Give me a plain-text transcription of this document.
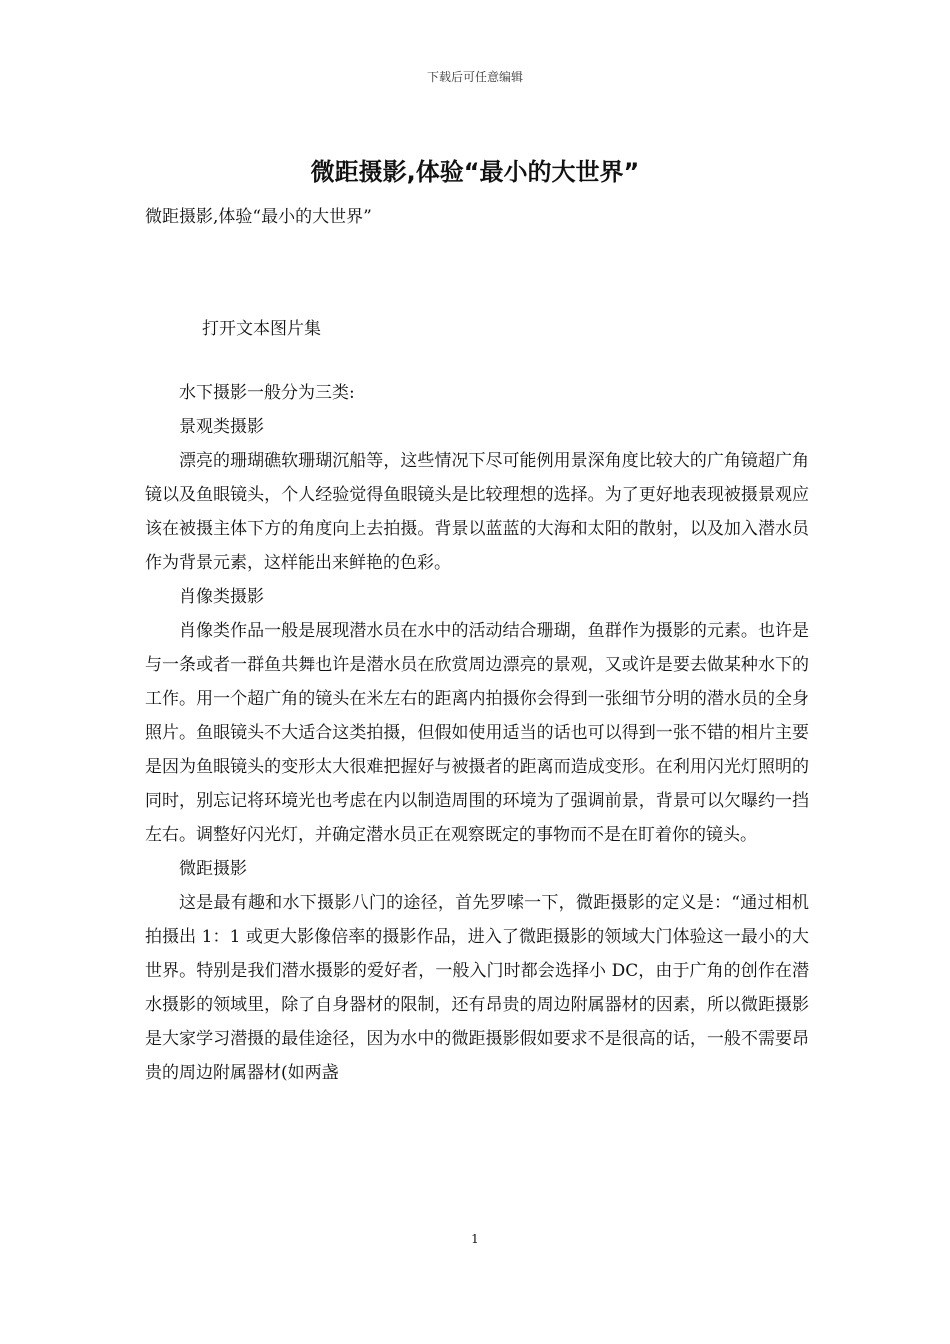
下载后可任意编辑
微距摄影,体验“最小的大世界”
微距摄影,体验“最小的大世界”
打开文本图片集

水下摄影一般分为三类:

景观类摄影

漂亮的珊瑚礁软珊瑚沉船等，这些情况下尽可能例用景深角度比较大的广角镜超广角镜以及鱼眼镜头，个人经验觉得鱼眼镜头是比较理想的选择。为了更好地表现被摄景观应该在被摄主体下方的角度向上去拍摄。背景以蓝蓝的大海和太阳的散射，以及加入潜水员作为背景元素，这样能出来鲜艳的色彩。

肖像类摄影

肖像类作品一般是展现潜水员在水中的活动结合珊瑚，鱼群作为摄影的元素。也许是与一条或者一群鱼共舞也许是潜水员在欣赏周边漂亮的景观，又或许是要去做某种水下的工作。用一个超广角的镜头在米左右的距离内拍摄你会得到一张细节分明的潜水员的全身照片。鱼眼镜头不大适合这类拍摄，但假如使用适当的话也可以得到一张不错的相片主要是因为鱼眼镜头的变形太大很难把握好与被摄者的距离而造成变形。在利用闪光灯照明的同时，别忘记将环境光也考虑在内以制造周围的环境为了强调前景，背景可以欠曝约一挡左右。调整好闪光灯，并确定潜水员正在观察既定的事物而不是在盯着你的镜头。

微距摄影

这是最有趣和水下摄影八门的途径，首先罗嗦一下，微距摄影的定义是：“通过相机拍摄出 1：1 或更大影像倍率的摄影作品，进入了微距摄影的领域大门体验这一最小的大世界。特别是我们潜水摄影的爱好者，一般入门时都会选择小 DC，由于广角的创作在潜水摄影的领域里，除了自身器材的限制，还有昂贵的周边附属器材的因素，所以微距摄影是大家学习潜摄的最佳途径，因为水中的微距摄影假如要求不是很高的话，一般不需要昂贵的周边附属器材(如两盏

1
